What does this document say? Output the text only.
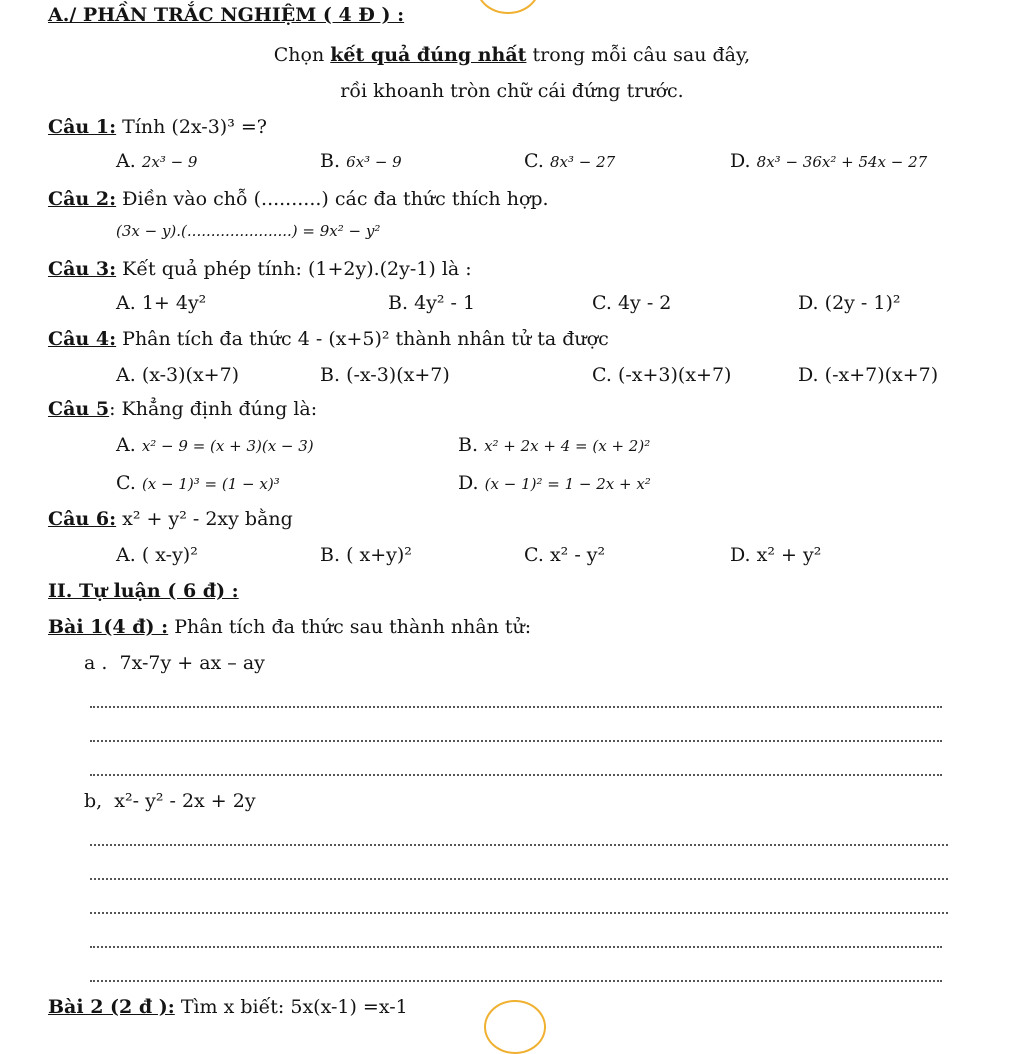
A./ PHẦN TRẮC NGHIỆM ( 4 Đ ) :
Chọn kết quả đúng nhất trong mỗi câu sau đây,
rồi khoanh tròn chữ cái đứng trước.
Câu 1: Tính (2x-3)³ =?
A. 2x³ − 9	B. 6x³ − 9	C. 8x³ − 27	D. 8x³ − 36x² + 54x − 27
Câu 2: Điền vào chỗ (..........) các đa thức thích hợp.
(3x − y).(......................) = 9x² − y²
Câu 3: Kết quả phép tính: (1+2y).(2y-1) là :
A. 1+ 4y²	B. 4y² - 1	C. 4y - 2	D. (2y - 1)²
Câu 4: Phân tích đa thức 4 - (x+5)² thành nhân tử ta được
A. (x-3)(x+7)	B. (-x-3)(x+7)	C. (-x+3)(x+7)	D. (-x+7)(x+7)
Câu 5: Khẳng định đúng là:
A. x² − 9 = (x + 3)(x − 3)	B. x² + 2x + 4 = (x + 2)²
C. (x − 1)³ = (1 − x)³	D. (x − 1)² = 1 − 2x + x²
Câu 6: x² + y² - 2xy bằng
A. ( x-y)²	B. ( x+y)²	C. x² - y²	D. x² + y²
II. Tự luận ( 6 đ) :
Bài 1(4 đ) : Phân tích đa thức sau thành nhân tử:
a . 7x-7y + ax – ay
b, x²- y² - 2x + 2y
Bài 2 (2 đ ): Tìm x biết: 5x(x-1) =x-1
